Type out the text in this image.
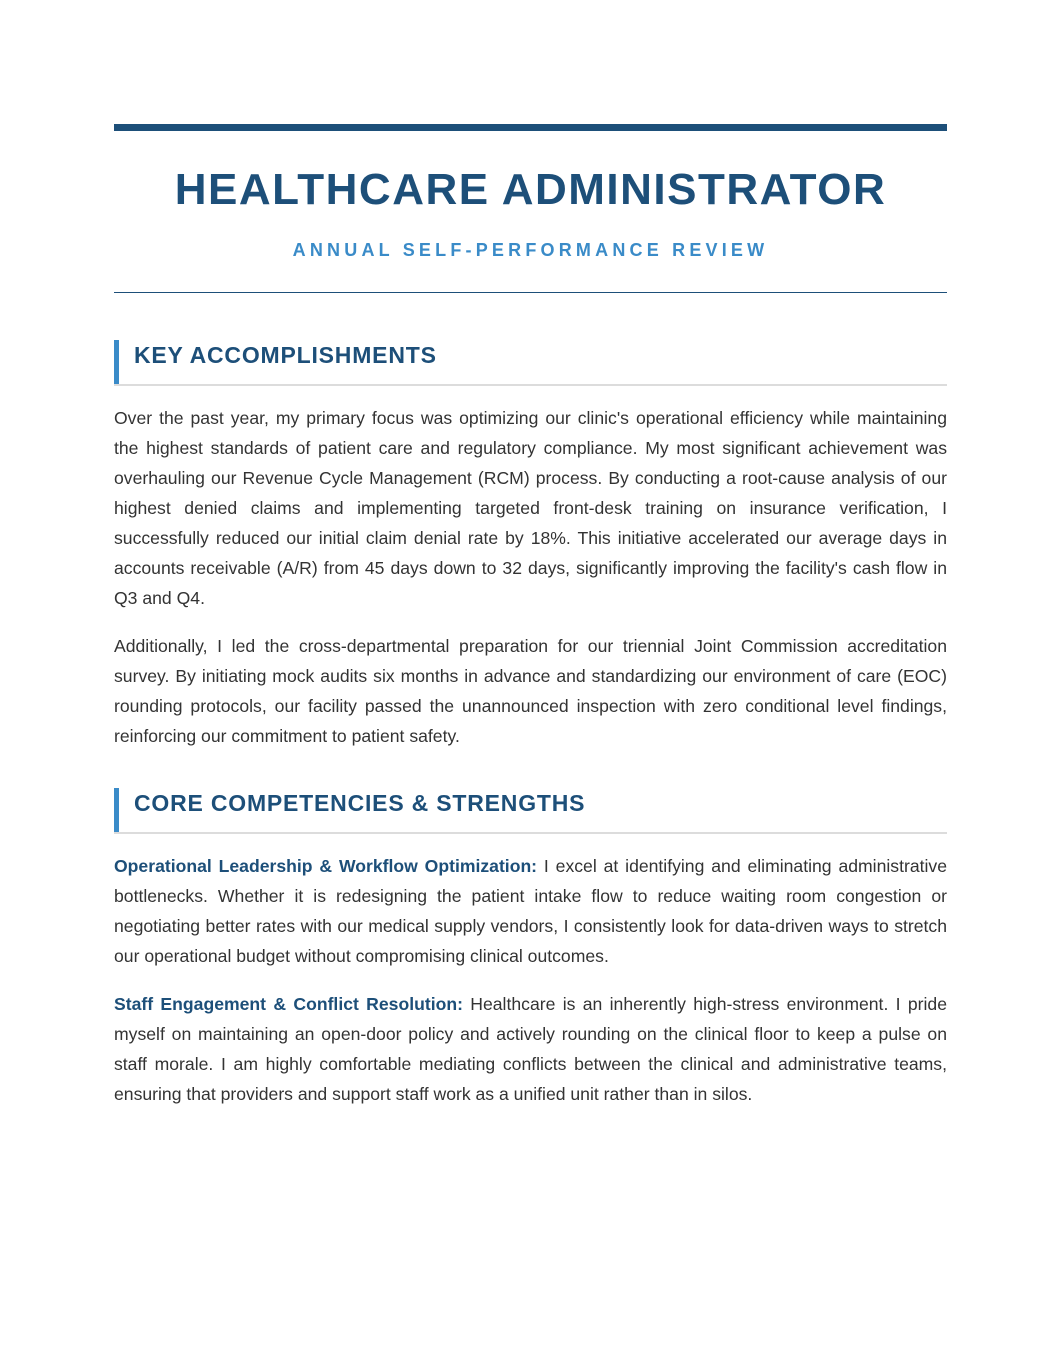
HEALTHCARE ADMINISTRATOR
ANNUAL SELF-PERFORMANCE REVIEW
KEY ACCOMPLISHMENTS

Over the past year, my primary focus was optimizing our clinic's operational efficiency while maintaining the highest standards of patient care and regulatory compliance. My most significant achievement was overhauling our Revenue Cycle Management (RCM) process. By conducting a root-cause analysis of our highest denied claims and implementing targeted front-desk training on insurance verification, I successfully reduced our initial claim denial rate by 18%. This initiative accelerated our average days in accounts receivable (A/R) from 45 days down to 32 days, significantly improving the facility's cash flow in Q3 and Q4.

Additionally, I led the cross-departmental preparation for our triennial Joint Commission accreditation survey. By initiating mock audits six months in advance and standardizing our environment of care (EOC) rounding protocols, our facility passed the unannounced inspection with zero conditional level findings, reinforcing our commitment to patient safety.

CORE COMPETENCIES & STRENGTHS

Operational Leadership & Workflow Optimization: I excel at identifying and eliminating administrative bottlenecks. Whether it is redesigning the patient intake flow to reduce waiting room congestion or negotiating better rates with our medical supply vendors, I consistently look for data-driven ways to stretch our operational budget without compromising clinical outcomes.

Staff Engagement & Conflict Resolution: Healthcare is an inherently high-stress environment. I pride myself on maintaining an open-door policy and actively rounding on the clinical floor to keep a pulse on staff morale. I am highly comfortable mediating conflicts between the clinical and administrative teams, ensuring that providers and support staff work as a unified unit rather than in silos.
